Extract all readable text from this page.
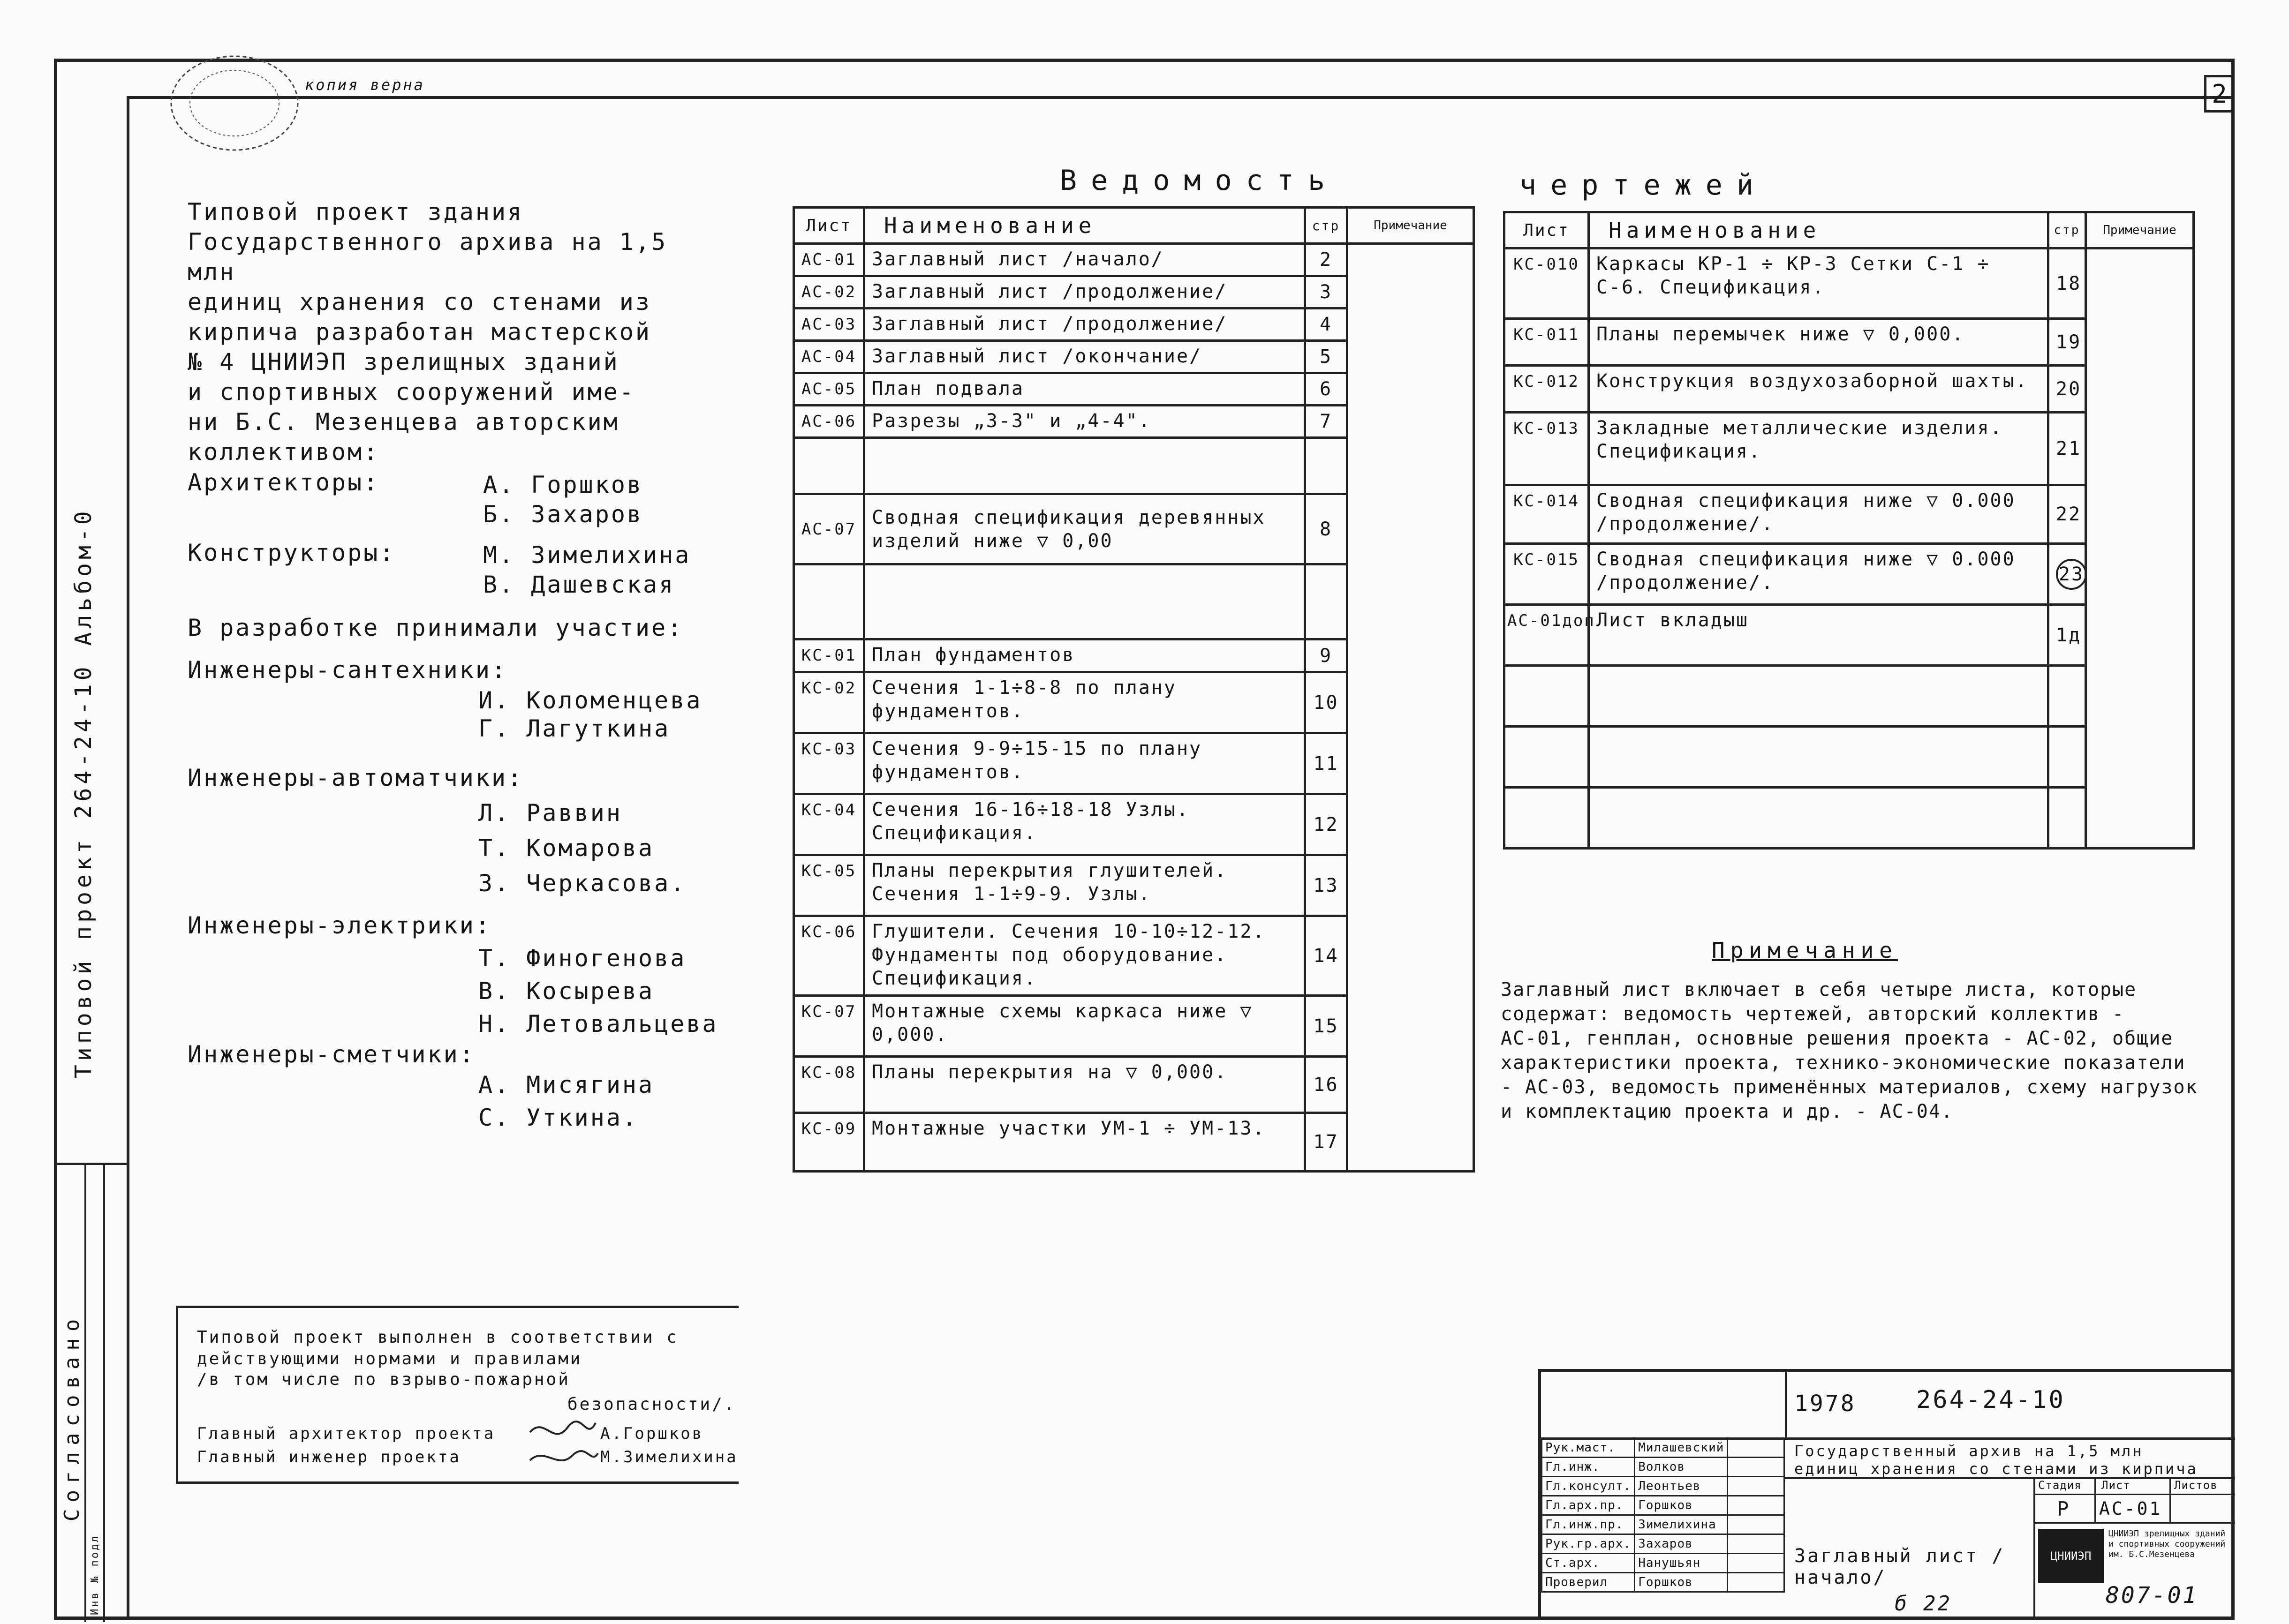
2
копия верна
Типовой проект 264-24-10 Альбом-0
Согласовано
Инв № подл
Типовой проект здания
Государственного архива на 1,5 млн
единиц хранения со стенами из
кирпича разработан мастерской
№ 4 ЦНИИЭП зрелищных зданий
и спортивных сооружений име-
ни Б.С. Мезенцева авторским
коллективом:
Архитекторы:	А. Горшков
Б. Захаров
Конструкторы:	М. Зимелихина
В. Дашевская
В разработке принимали участие:
Инженеры-сантехники:
И. Коломенцева
Г. Лагуткина
Инженеры-автоматчики:
Л. Раввин
Т. Комарова
З. Черкасова.
Инженеры-электрики:
Т. Финогенова
В. Косырева
Н. Летовальцева
Инженеры-сметчики:
А. Мисягина
С. Уткина.
Ведомость	чертежей
Лист	Наименование	стр	Примечание
АС-01	Заглавный лист /начало/	2	
АС-02	Заглавный лист /продолжение/	3	
АС-03	Заглавный лист /продолжение/	4	
АС-04	Заглавный лист /окончание/	5	
АС-05	План подвала	6	
АС-06	Разрезы „3-3" и „4-4".	7	

АС-07	Сводная спецификация деревянных изделий ниже ▽ 0,00	8	

КС-01	План фундаментов	9	
КС-02	Сечения 1-1÷8-8 по плану фундаментов.	10	
КС-03	Сечения 9-9÷15-15 по плану фундаментов.	11	
КС-04	Сечения 16-16÷18-18 Узлы. Спецификация.	12	
КС-05	Планы перекрытия глушителей. Сечения 1-1÷9-9. Узлы.	13	
КС-06	Глушители. Сечения 10-10÷12-12. Фундаменты под оборудование. Спецификация.	14	
КС-07	Монтажные схемы каркаса ниже ▽ 0,000.	15	
КС-08	Планы перекрытия на ▽ 0,000.	16	
КС-09	Монтажные участки УМ-1 ÷ УМ-13.	17	
Лист	Наименование	стр	Примечание
КС-010	Каркасы КР-1 ÷ КР-3 Сетки С-1 ÷ С-6. Спецификация.	18	
КС-011	Планы перемычек ниже ▽ 0,000.	19	
КС-012	Конструкция воздухозаборной шахты.	20	
КС-013	Закладные металлические изделия. Спецификация.	21	
КС-014	Сводная спецификация ниже ▽ 0.000 /продолжение/.	22	
КС-015	Сводная спецификация ниже ▽ 0.000 /продолжение/.	23	
АС-01доп	Лист вкладыш	1д	

Примечание
Заглавный лист включает в себя четыре листа, которые содержат: ведомость чертежей, авторский коллектив - АС-01, генплан, основные решения проекта - АС-02, общие характеристики проекта, технико-экономические показатели - АС-03, ведомость применённых материалов, схему нагрузок и комплектацию проекта и др. - АС-04.
Типовой проект выполнен в соответствии с действующими нормами и правилами
/в том числе по взрыво-пожарной
безопасности/.
Главный архитектор проекта	А.Горшков
Главный инженер проекта	М.Зимелихина
1978 264-24-10
Государственный архив на 1,5 млн единиц хранения со стенами из кирпича
Рук.маст.	Милашевский	
Гл.инж.	Волков	
Гл.консулт.	Леонтьев	
Гл.арх.пр.	Горшков	
Гл.инж.пр.	Зимелихина	
Рук.гр.арх.	Захаров	
Ст.арх.	Нанушьян	
Проверил	Горшков	
Стадия Лист	Листов
Р АС-01
Заглавный лист /начало/
ЦНИИЭП
ЦНИИЭП зрелищных зданий и спортивных сооружений им. Б.С.Мезенцева
807-01
б 22
